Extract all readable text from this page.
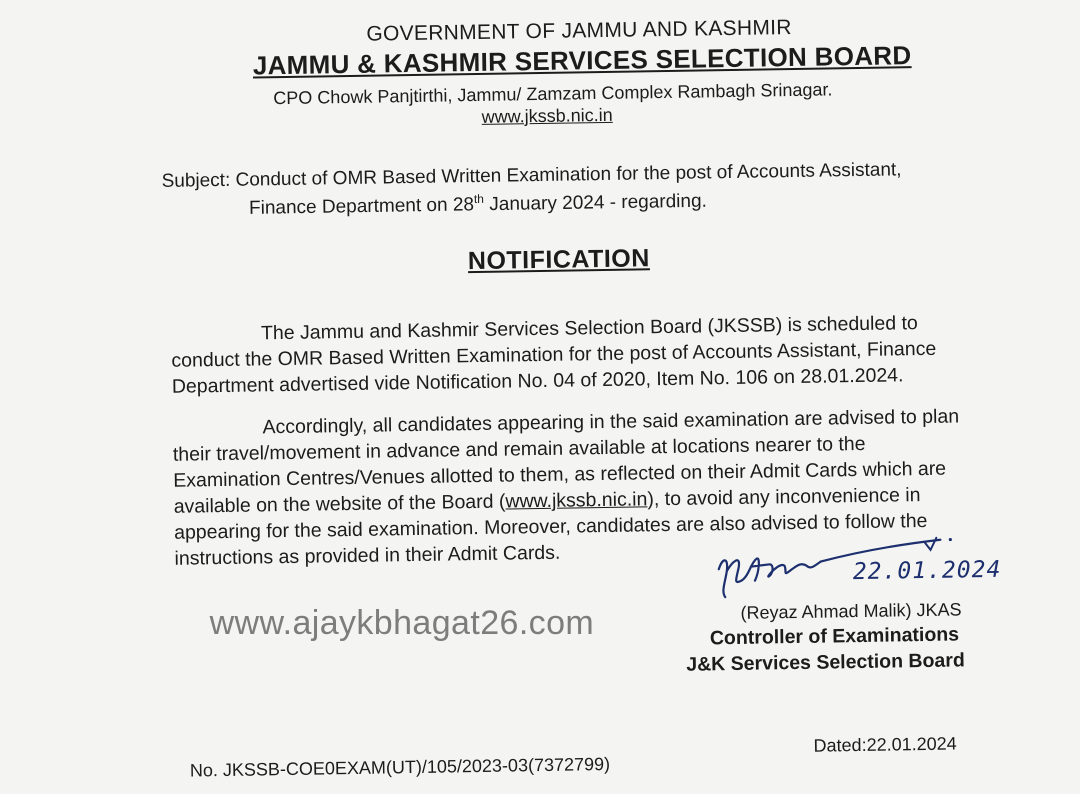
GOVERNMENT OF JAMMU AND KASHMIR
JAMMU & KASHMIR SERVICES SELECTION BOARD
CPO Chowk Panjtirthi, Jammu/ Zamzam Complex Rambagh Srinagar.
www.jkssb.nic.in
Subject: Conduct of OMR Based Written Examination for the post of Accounts Assistant,
Finance Department on 28th January 2024 - regarding.
NOTIFICATION
The Jammu and Kashmir Services Selection Board (JKSSB) is scheduled to
conduct the OMR Based Written Examination for the post of Accounts Assistant, Finance
Department advertised vide Notification No. 04 of 2020, Item No. 106 on 28.01.2024.
Accordingly, all candidates appearing in the said examination are advised to plan
their travel/movement in advance and remain available at locations nearer to the
Examination Centres/Venues allotted to them, as reflected on their Admit Cards which are
available on the website of the Board (www.jkssb.nic.in), to avoid any inconvenience in
appearing for the said examination. Moreover, candidates are also advised to follow the
instructions as provided in their Admit Cards.
22.01.2024
(Reyaz Ahmad Malik) JKAS
Controller of Examinations
J&K Services Selection Board
www.ajaykbhagat26.com
No. JKSSB-COE0EXAM(UT)/105/2023-03(7372799)
Dated:22.01.2024
